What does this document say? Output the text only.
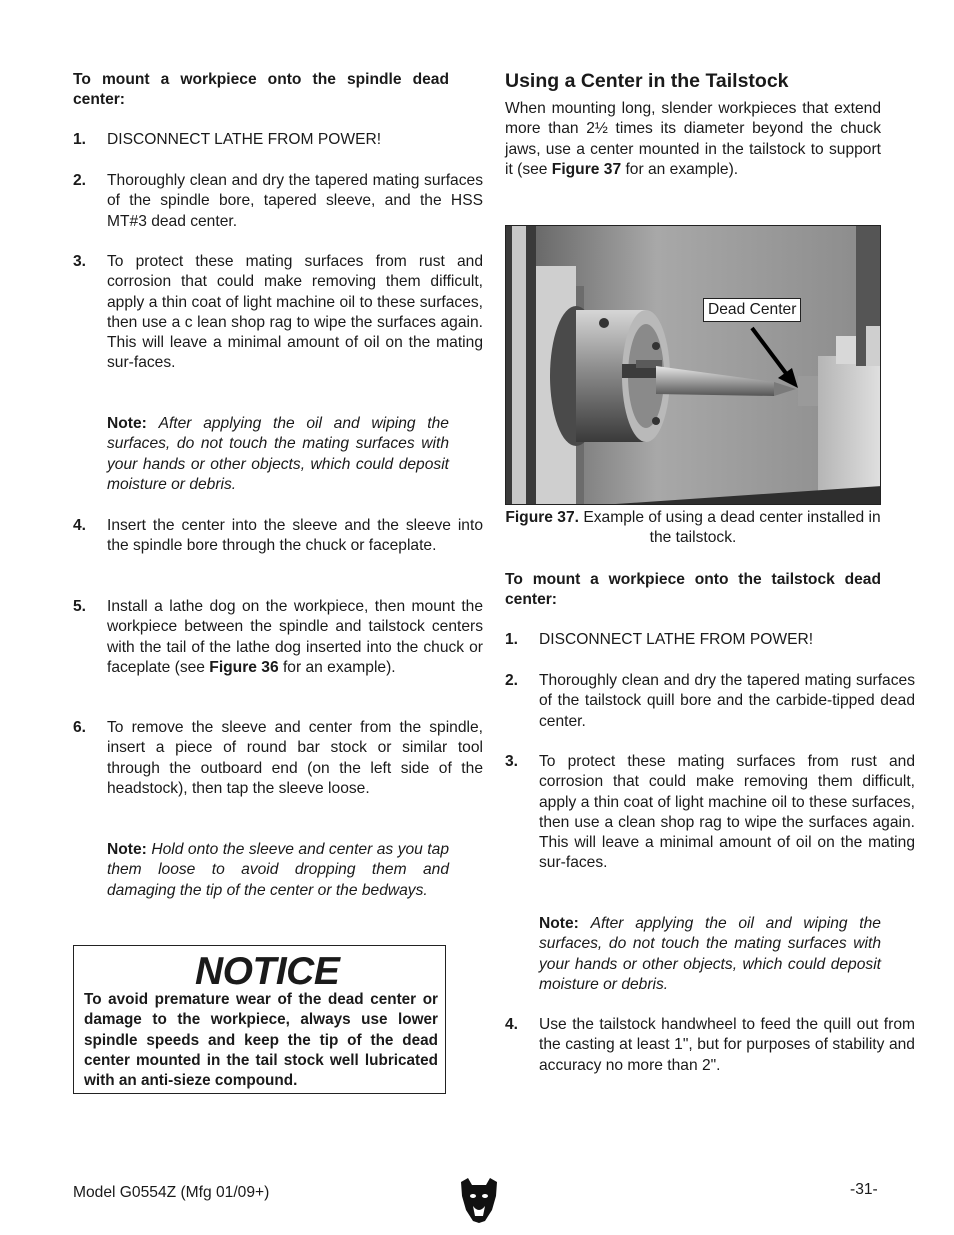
To mount a workpiece onto the spindle dead center:
1. DISCONNECT LATHE FROM POWER!
2. Thoroughly clean and dry the tapered mating surfaces of the spindle bore, tapered sleeve, and the HSS MT#3 dead center.
3. To protect these mating surfaces from rust and corrosion that could make removing them difficult, apply a thin coat of light machine oil to these surfaces, then use a c lean shop rag to wipe the surfaces again. This will leave a minimal amount of oil on the mating sur-faces.
Note: After applying the oil and wiping the surfaces, do not touch the mating surfaces with your hands or other objects, which could deposit moisture or debris.
4. Insert the center into the sleeve and the sleeve into the spindle bore through the chuck or faceplate.
5. Install a lathe dog on the workpiece, then mount the workpiece between the spindle and tailstock centers with the tail of the lathe dog inserted into the chuck or faceplate (see Figure 36 for an example).
6. To remove the sleeve and center from the spindle, insert a piece of round bar stock or similar tool through the outboard end (on the left side of the headstock), then tap the sleeve loose.
Note: Hold onto the sleeve and center as you tap them loose to avoid dropping them and damaging the tip of the center or the bedways.
NOTICE
To avoid premature wear of the dead center or damage to the workpiece, always use lower spindle speeds and keep the tip of the dead center mounted in the tail stock well lubricated with an anti-sieze compound.
Using a Center in the Tailstock
When mounting long, slender workpieces that extend more than 2½ times its diameter beyond the chuck jaws, use a center mounted in the tailstock to support it (see Figure 37 for an example).
Figure 37. Example of using a dead center installed in the tailstock.
To mount a workpiece onto the tailstock dead center:
1. DISCONNECT LATHE FROM POWER!
2. Thoroughly clean and dry the tapered mating surfaces of the tailstock quill bore and the carbide-tipped dead center.
3. To protect these mating surfaces from rust and corrosion that could make removing them difficult, apply a thin coat of light machine oil to these surfaces, then use a clean shop rag to wipe the surfaces again. This will leave a minimal amount of oil on the mating sur-faces.
Note: After applying the oil and wiping the surfaces, do not touch the mating surfaces with your hands or other objects, which could deposit moisture or debris.
4. Use the tailstock handwheel to feed the quill out from the casting at least 1", but for purposes of stability and accuracy no more than 2".
Dead Center
Model G0554Z (Mfg 01/09+)	-31-
